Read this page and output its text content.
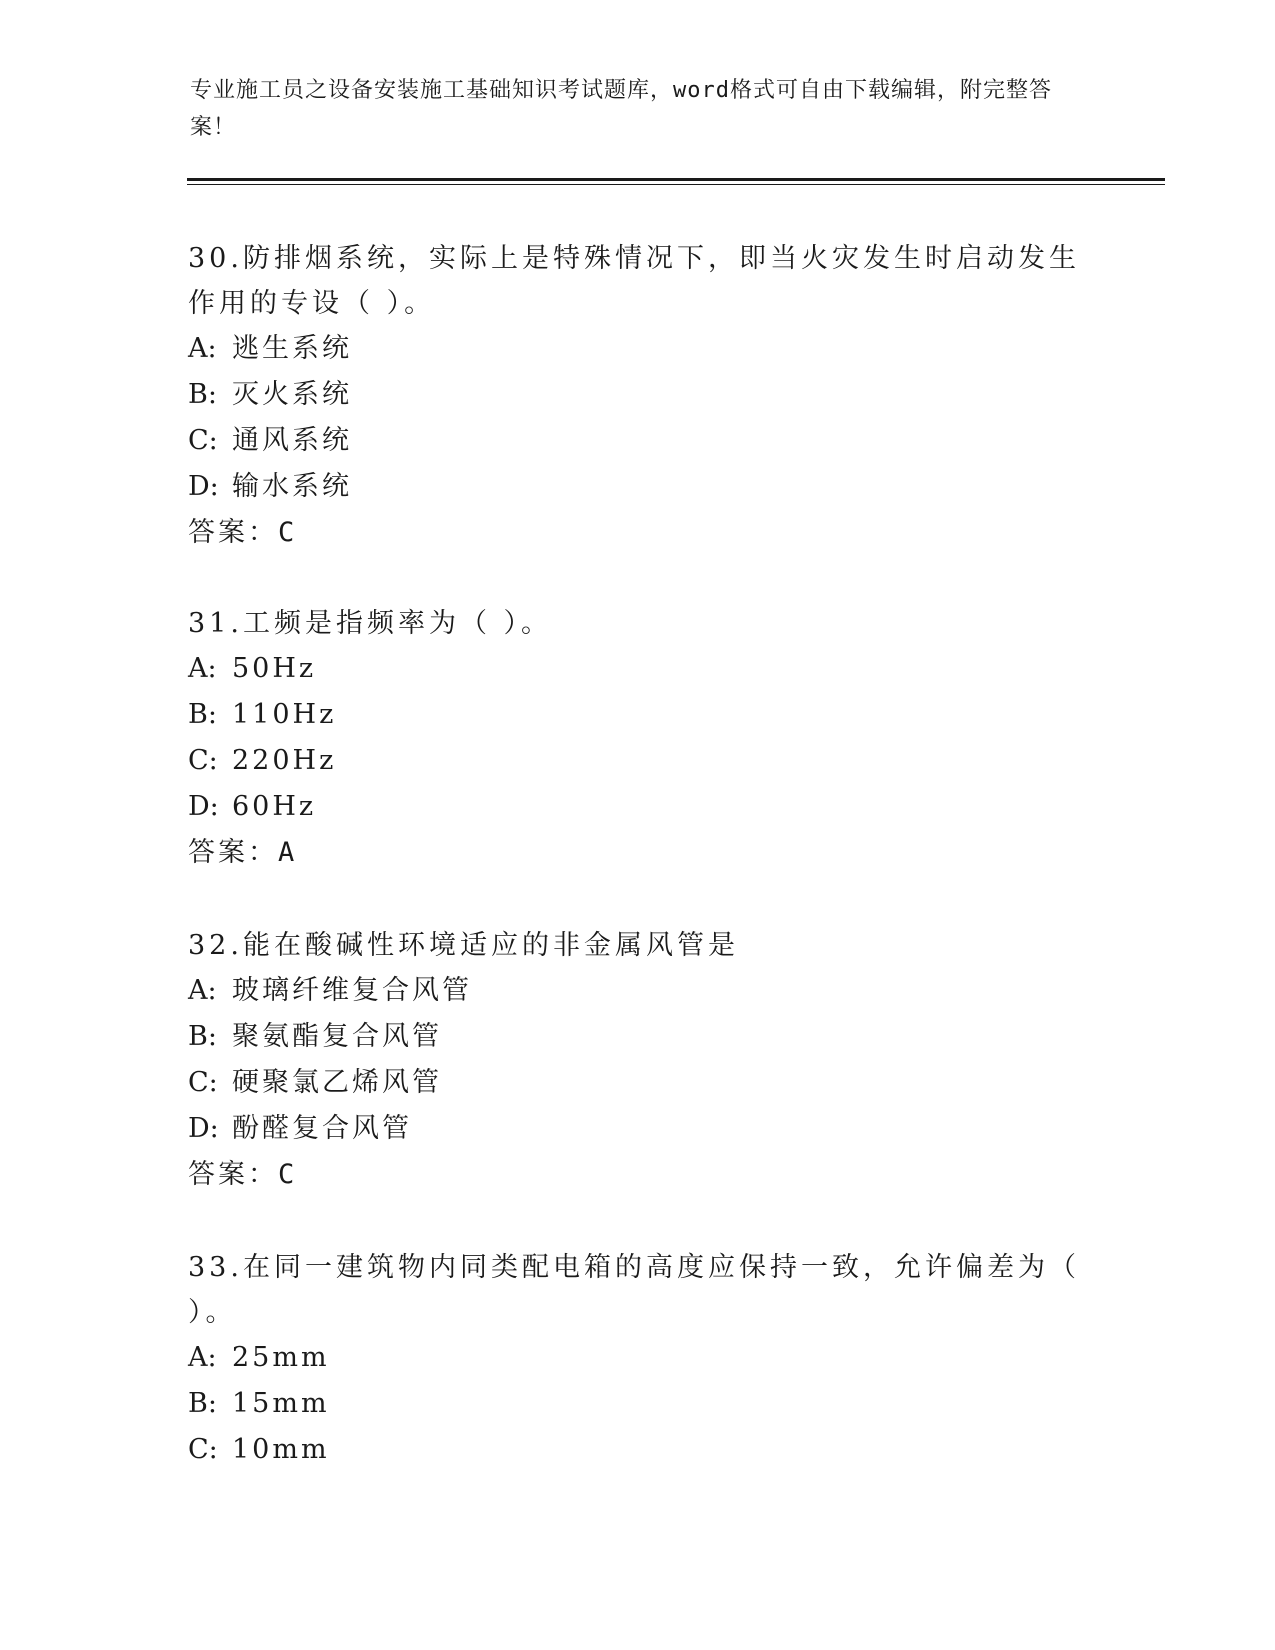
专业施工员之设备安装施工基础知识考试题库，word格式可自由下载编辑，附完整答案！

30.防排烟系统，实际上是特殊情况下，即当火灾发生时启动发生作用的专设（ ）。

A: 逃生系统

B: 灭火系统

C: 通风系统

D: 输水系统

答案：C

31.工频是指频率为（ ）。

A: 50Hz

B: 110Hz

C: 220Hz

D: 60Hz

答案：A

32.能在酸碱性环境适应的非金属风管是

A: 玻璃纤维复合风管

B: 聚氨酯复合风管

C: 硬聚氯乙烯风管

D: 酚醛复合风管

答案：C

33.在同一建筑物内同类配电箱的高度应保持一致，允许偏差为（ ）。

A: 25mm

B: 15mm

C: 10mm
